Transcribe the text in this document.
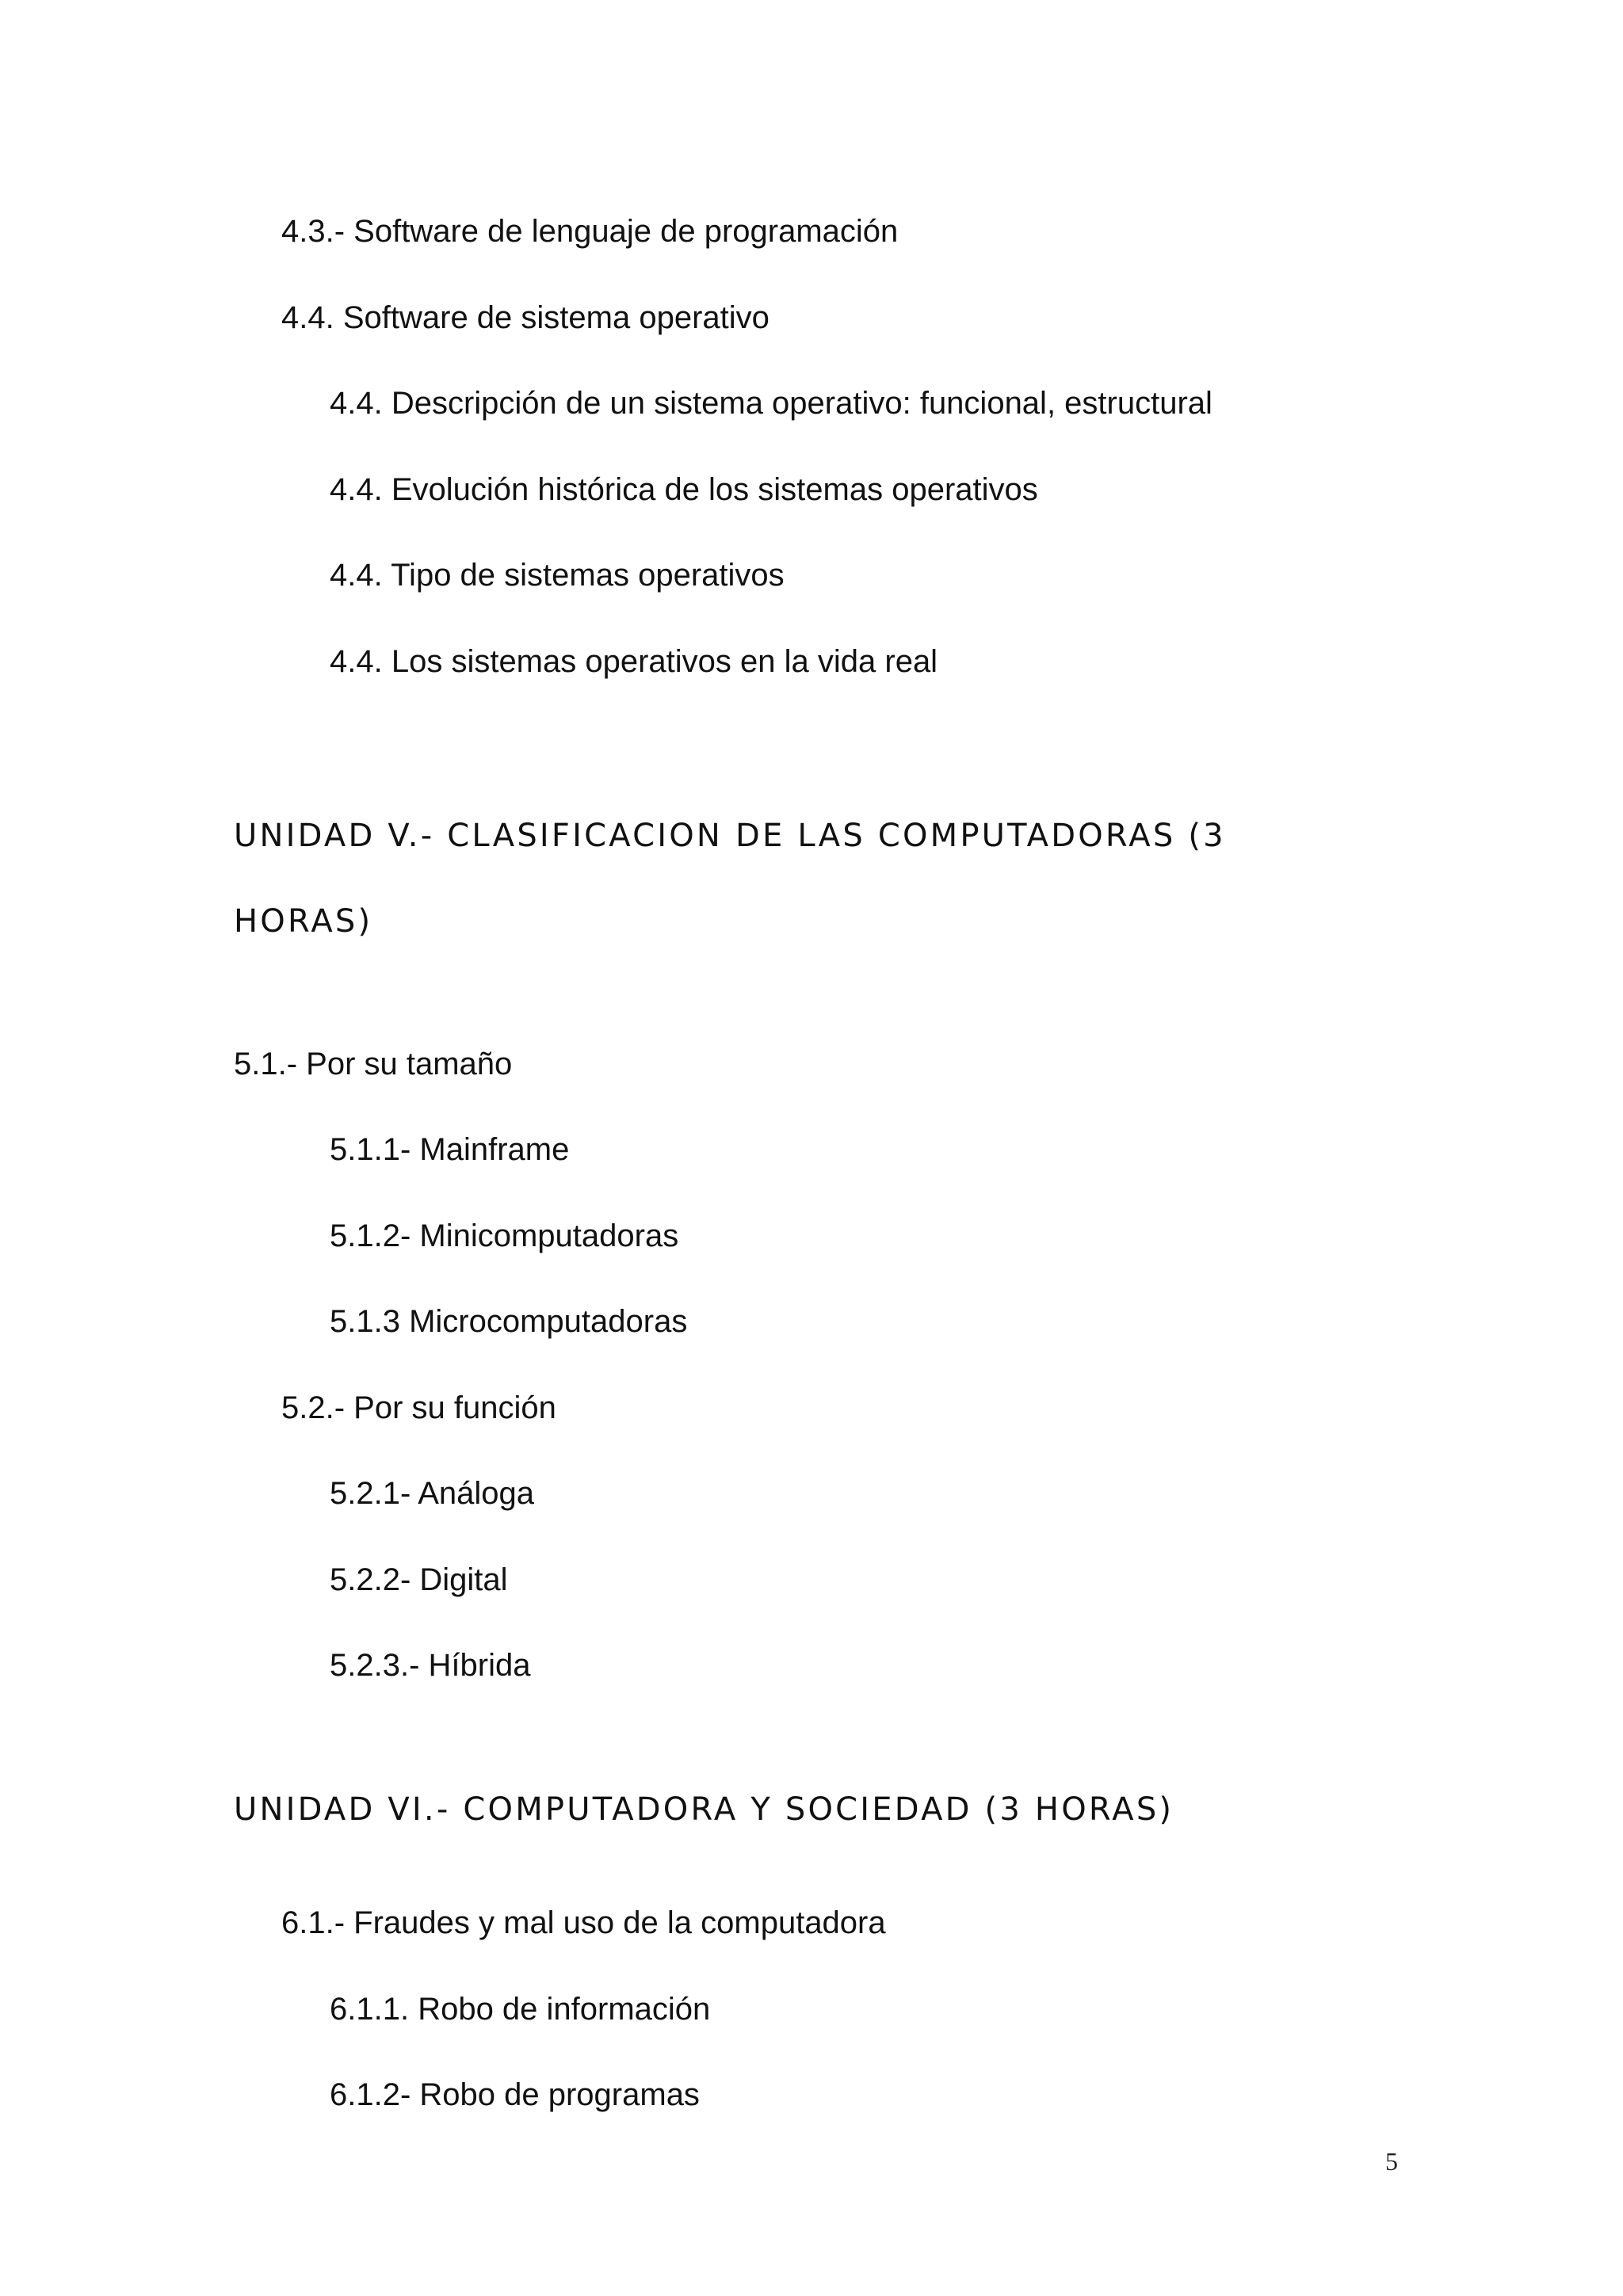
4.3.- Software de lenguaje de programación
4.4. Software de sistema operativo
4.4. Descripción de un sistema operativo: funcional, estructural
4.4. Evolución histórica de los sistemas operativos
4.4. Tipo de sistemas operativos
4.4. Los sistemas operativos en la vida real
UNIDAD V.- CLASIFICACION DE LAS COMPUTADORAS (3
HORAS)
5.1.- Por su tamaño
5.1.1- Mainframe
5.1.2- Minicomputadoras
5.1.3 Microcomputadoras
5.2.- Por su función
5.2.1- Análoga
5.2.2- Digital
5.2.3.- Híbrida
UNIDAD VI.- COMPUTADORA Y SOCIEDAD (3 HORAS)
6.1.- Fraudes y mal uso de la computadora
6.1.1. Robo de información
6.1.2- Robo de programas
5
